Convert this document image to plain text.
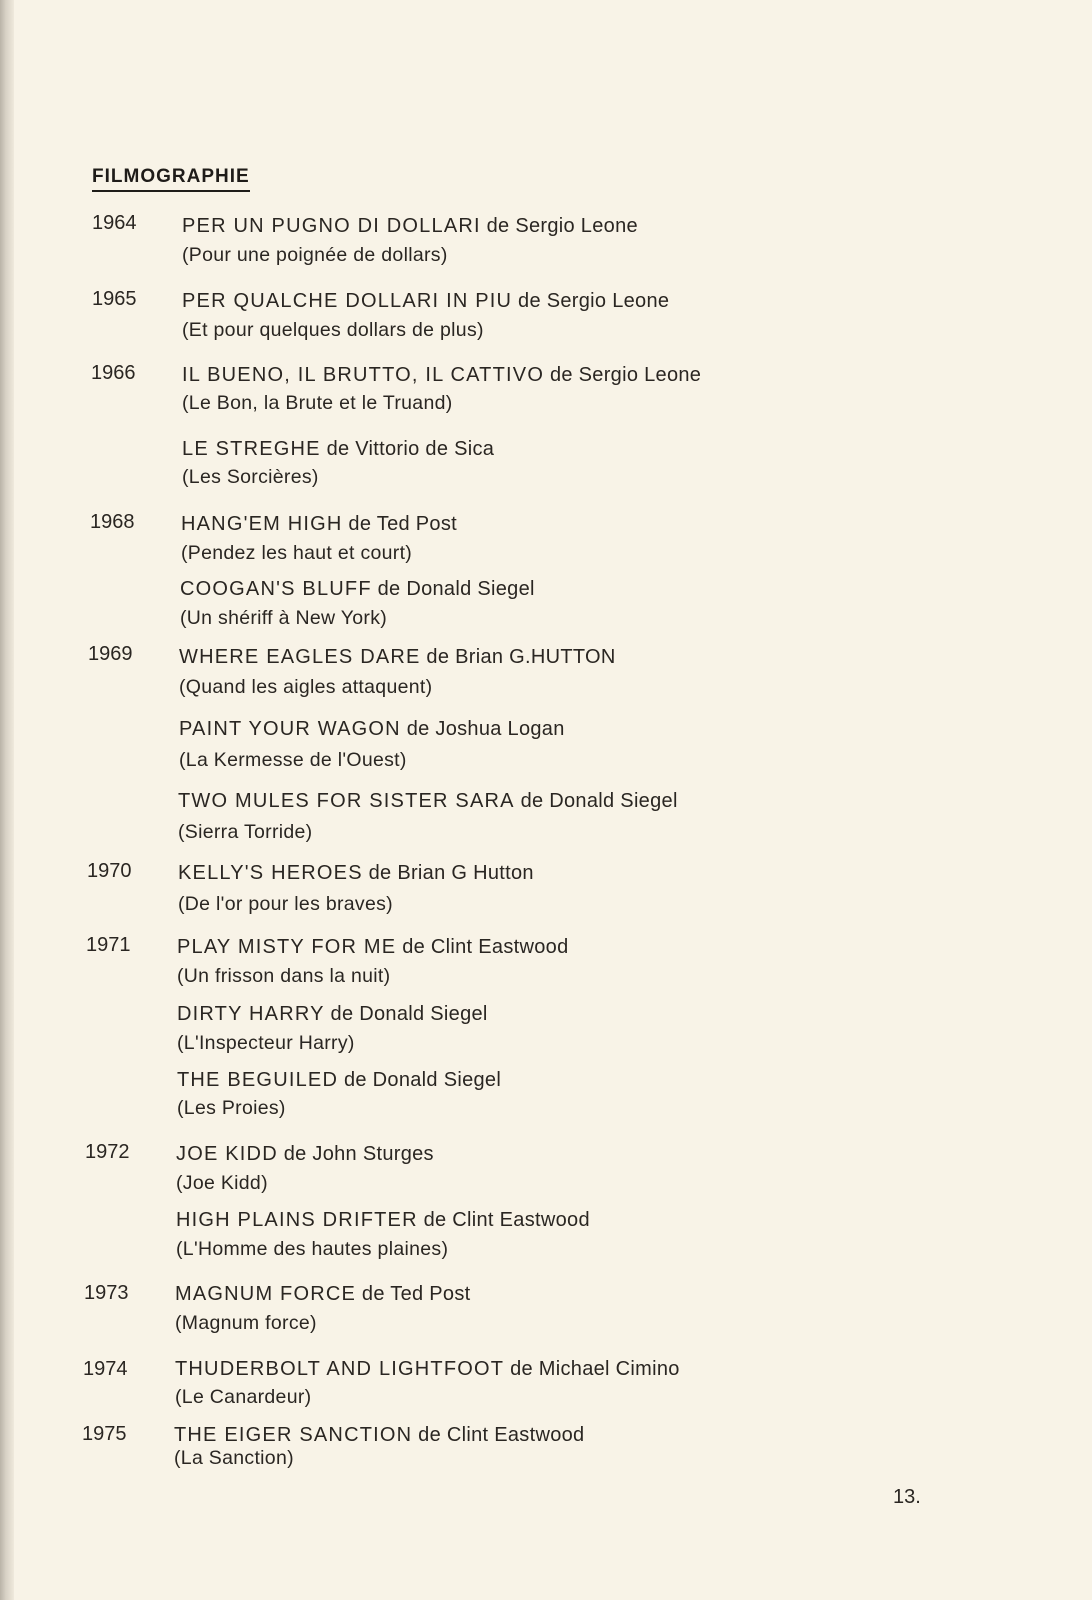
FILMOGRAPHIE
1964
1965
1966
1968
1969
1970
1971
1972
1973
1974
1975
PER UN PUGNO DI DOLLARI de Sergio Leone
(Pour une poignée de dollars)
PER QUALCHE DOLLARI IN PIU de Sergio Leone
(Et pour quelques dollars de plus)
IL BUENO, IL BRUTTO, IL CATTIVO de Sergio Leone
(Le Bon, la Brute et le Truand)
LE STREGHE de Vittorio de Sica
(Les Sorcières)
HANG'EM HIGH de Ted Post
(Pendez les haut et court)
COOGAN'S BLUFF de Donald Siegel
(Un shériff à New York)
WHERE EAGLES DARE de Brian G.HUTTON
(Quand les aigles attaquent)
PAINT YOUR WAGON de Joshua Logan
(La Kermesse de l'Ouest)
TWO MULES FOR SISTER SARA de Donald Siegel
(Sierra Torride)
KELLY'S HEROES de Brian G Hutton
(De l'or pour les braves)
PLAY MISTY FOR ME de Clint Eastwood
(Un frisson dans la nuit)
DIRTY HARRY de Donald Siegel
(L'Inspecteur Harry)
THE BEGUILED de Donald Siegel
(Les Proies)
JOE KIDD de John Sturges
(Joe Kidd)
HIGH PLAINS DRIFTER de Clint Eastwood
(L'Homme des hautes plaines)
MAGNUM FORCE de Ted Post
(Magnum force)
THUDERBOLT AND LIGHTFOOT de Michael Cimino
(Le Canardeur)
THE EIGER SANCTION de Clint Eastwood
(La Sanction)
13.
